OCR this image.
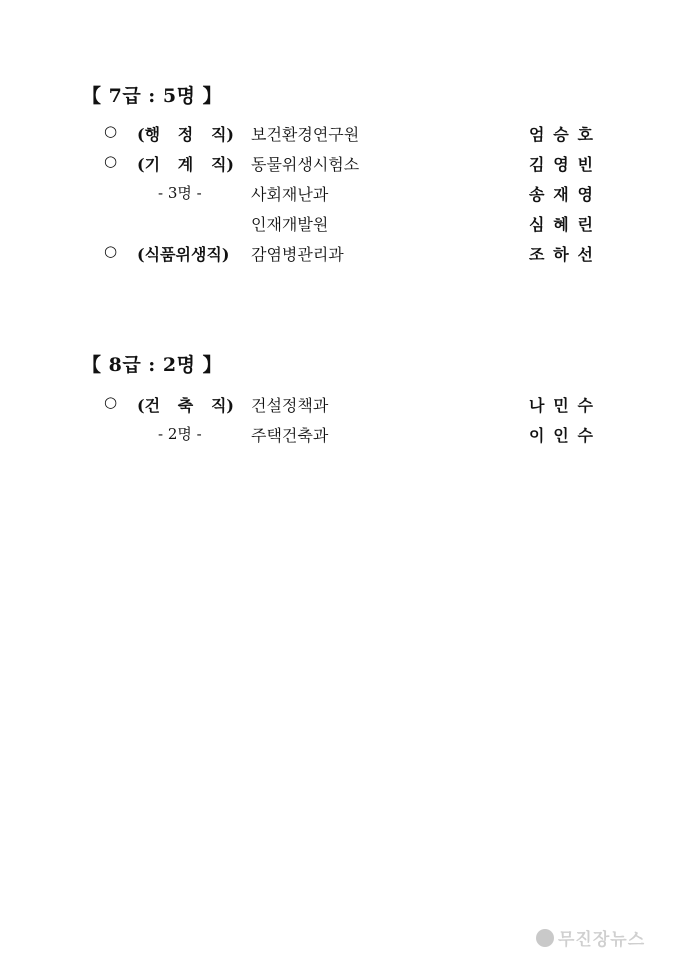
【 7급 : 5명 】
○ (행 정 직) 보건환경연구원	엄 승 호
○ (기 계 직) 동물위생시험소	김 영 빈
- 3명 -	사회재난과	송 재 영
인재개발원	심 혜 린
○ (식품위생직) 감염병관리과	조 하 선
【 8급 : 2명 】
○ (건 축 직) 건설정책과	나 민 수
- 2명 -	주택건축과	이 인 수
무진장뉴스
